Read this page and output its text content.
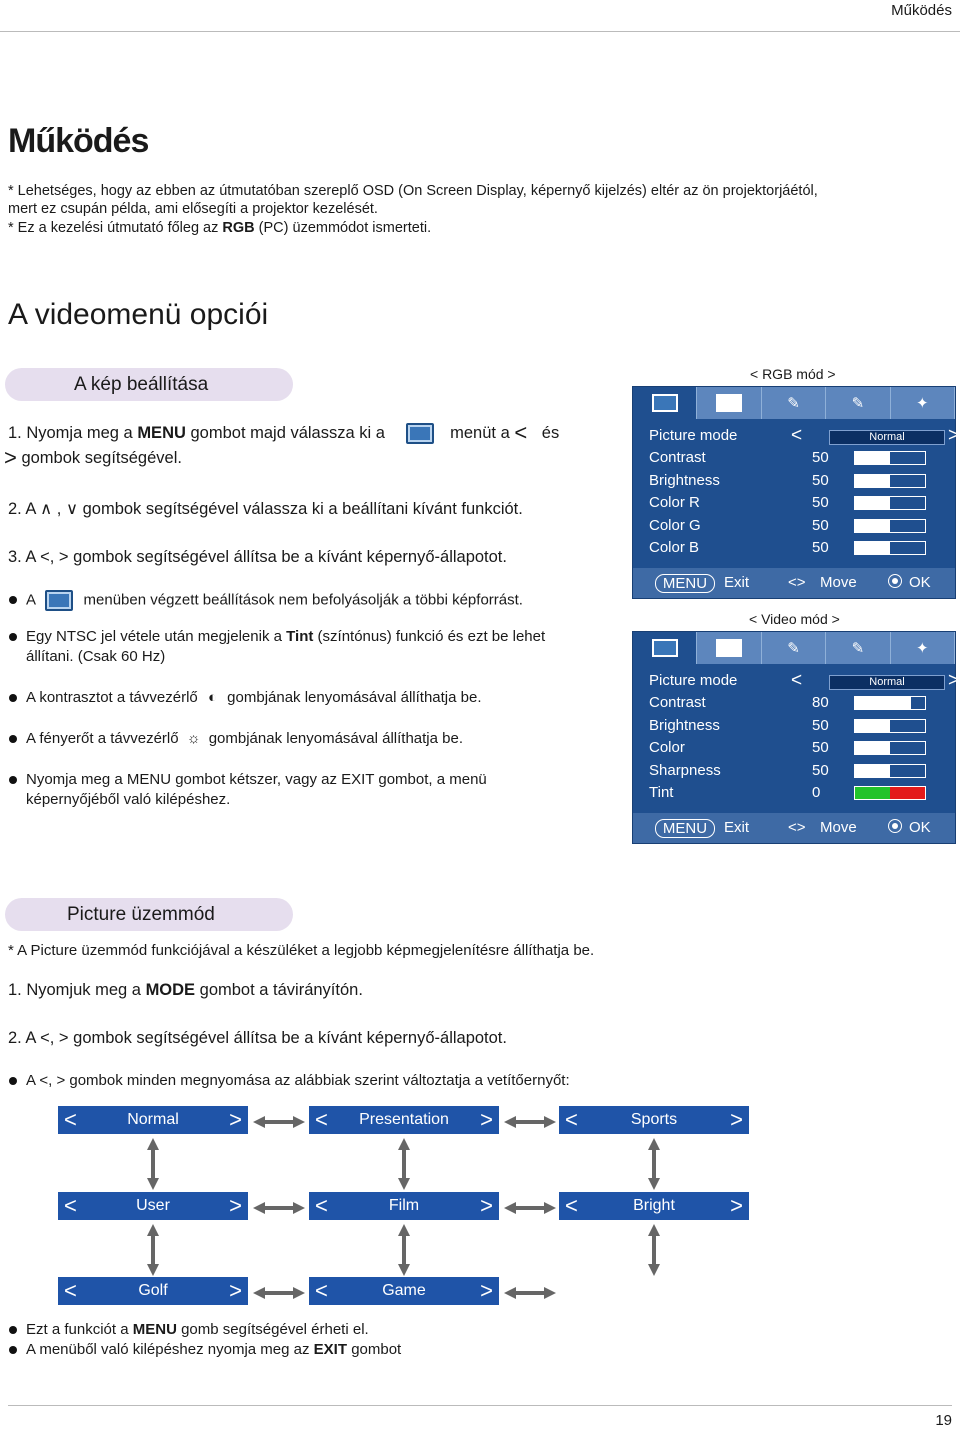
Működés
Működés
* Lehetséges, hogy az ebben az útmutatóban szereplő OSD (On Screen Display, képernyő kijelzés) eltér az ön projektorjáétól,
mert ez csupán példa, ami elősegíti a projektor kezelését.
* Ez a kezelési útmutató főleg az RGB (PC) üzemmódot ismerteti.
A videomenü opciói
A kép beállítása
1. Nyomja meg a MENU gombot majd válassza ki a	menüt a < és
> gombok segítségével.
2. A ∧ , ∨ gombok segítségével válassza ki a beállítani kívánt funkciót.
3. A <, > gombok segítségével állítsa be a kívánt képernyő-állapotot.
A	menüben végzett beállítások nem befolyásolják a többi képforrást.
Egy NTSC jel vétele után megjelenik a Tint (színtónus) funkció és ezt be lehet
állítani. (Csak 60 Hz)
A kontrasztot a távvezérlő ◐ gombjának lenyomásával állíthatja be.
A fényerőt a távvezérlő ☼ gombjának lenyomásával állíthatja be.
Nyomja meg a MENU gombot kétszer, vagy az EXIT gombot, a menü
képernyőjéből való kilépéshez.
< RGB mód >
✎	✎	✦
Picture mode	<	Normal	>
Contrast	50
Brightness	50
Color R	50
Color G	50
Color B	50
MENU	Exit	<> Move	OK
< Video mód >
✎	✎	✦
Picture mode	<	Normal	>
Contrast	80
Brightness	50
Color	50
Sharpness	50
Tint	0
MENU	Exit	<> Move	OK
Picture üzemmód
* A Picture üzemmód funkciójával a készüléket a legjobb képmegjelenítésre állíthatja be.
1. Nyomjuk meg a MODE gombot a távirányítón.
2. A <, > gombok segítségével állítsa be a kívánt képernyő-állapotot.
A <, > gombok minden megnyomása az alábbiak szerint változtatja a vetítőernyőt:
<	Normal	>	<	Presentation	>	<	Sports	>
<	User	>	<	Film	>	<	Bright	>
<	Golf	>	<	Game	>
Ezt a funkciót a MENU gomb segítségével érheti el.
A menüből való kilépéshez nyomja meg az EXIT gombot
19
